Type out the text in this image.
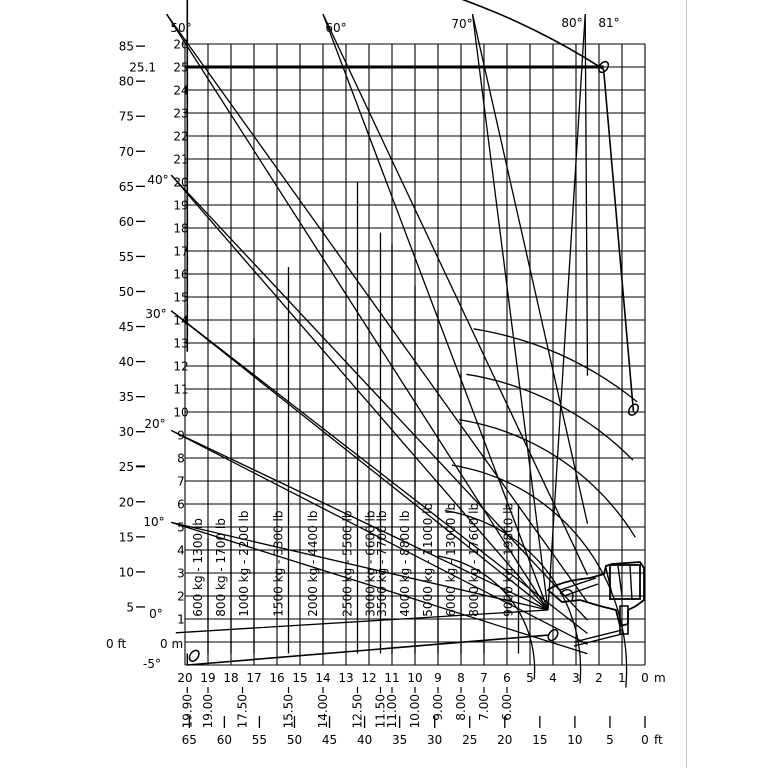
600 kg - 1300 lb 800 kg - 1700 lb 1000 kg - 2200 lb 1500 kg - 3300 lb 2000 kg - 4400 lb 2500 kg - 5500 lb 3000 kg - 6600 lb
3500 kg - 7700 lb 4000 kg - 8800 lb 5000 kg - 11000 lb 6000 kg - 13000 lb 8000 kg - 17600 lb 9000 kg - 19800 lb
50°	60°	70°	80° 81°
40°
30°
20°
10°
0°
-5°
26
25
24
23
22
21
20
19
18
17
16
15
14
13
12
11
10
9
8
7
6
5
4
3
2
1
0 m
85
80
75
70
65
60
55
50
45
40
35
30
25
20
15
10
5
0 ft
25.1
20 19 18 17 16 15 14 13 12 11 10 9 8 7 6 5 4 3 2 1 0 m
19.90 19.00 17.50	15.50 14.00 12.50 11.50
11.00 10.00 9.00 8.00 7.00 6.00
65 60 55 50 45 40 35 30 25 20 15 10 5 0 ft
